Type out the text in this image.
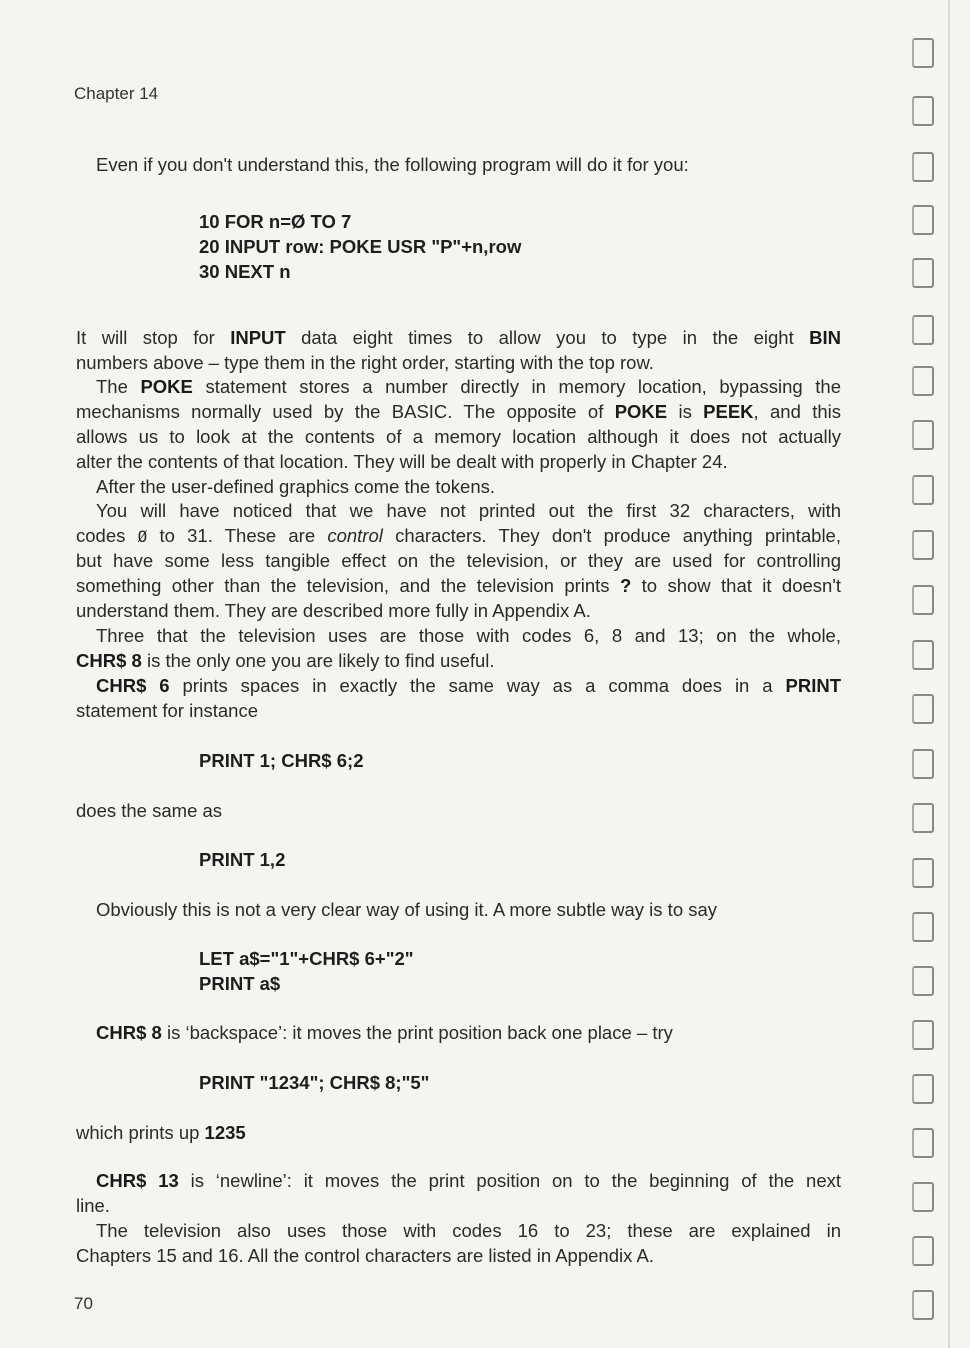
Chapter 14
Even if you don't understand this, the following program will do it for you:
10 FOR n=Ø TO 7
20 INPUT row: POKE USR "P"+n,row
30 NEXT n
It will stop for INPUT data eight times to allow you to type in the eight BIN
numbers above – type them in the right order, starting with the top row.
The POKE statement stores a number directly in memory location, bypassing the
mechanisms normally used by the BASIC. The opposite of POKE is PEEK, and this
allows us to look at the contents of a memory location although it does not actually
alter the contents of that location. They will be dealt with properly in Chapter 24.
After the user-defined graphics come the tokens.
You will have noticed that we have not printed out the first 32 characters, with
codes Ø to 31. These are control characters. They don't produce anything printable,
but have some less tangible effect on the television, or they are used for controlling
something other than the television, and the television prints ? to show that it doesn't
understand them. They are described more fully in Appendix A.
Three that the television uses are those with codes 6, 8 and 13; on the whole,
CHR$ 8 is the only one you are likely to find useful.
CHR$ 6 prints spaces in exactly the same way as a comma does in a PRINT
statement for instance
PRINT 1; CHR$ 6;2
does the same as
PRINT 1,2
Obviously this is not a very clear way of using it. A more subtle way is to say
LET a$="1"+CHR$ 6+"2"
PRINT a$
CHR$ 8 is ‘backspace’: it moves the print position back one place – try
PRINT "1234"; CHR$ 8;"5"
which prints up 1235
CHR$ 13 is ‘newline’: it moves the print position on to the beginning of the next
line.
The television also uses those with codes 16 to 23; these are explained in
Chapters 15 and 16. All the control characters are listed in Appendix A.
70
